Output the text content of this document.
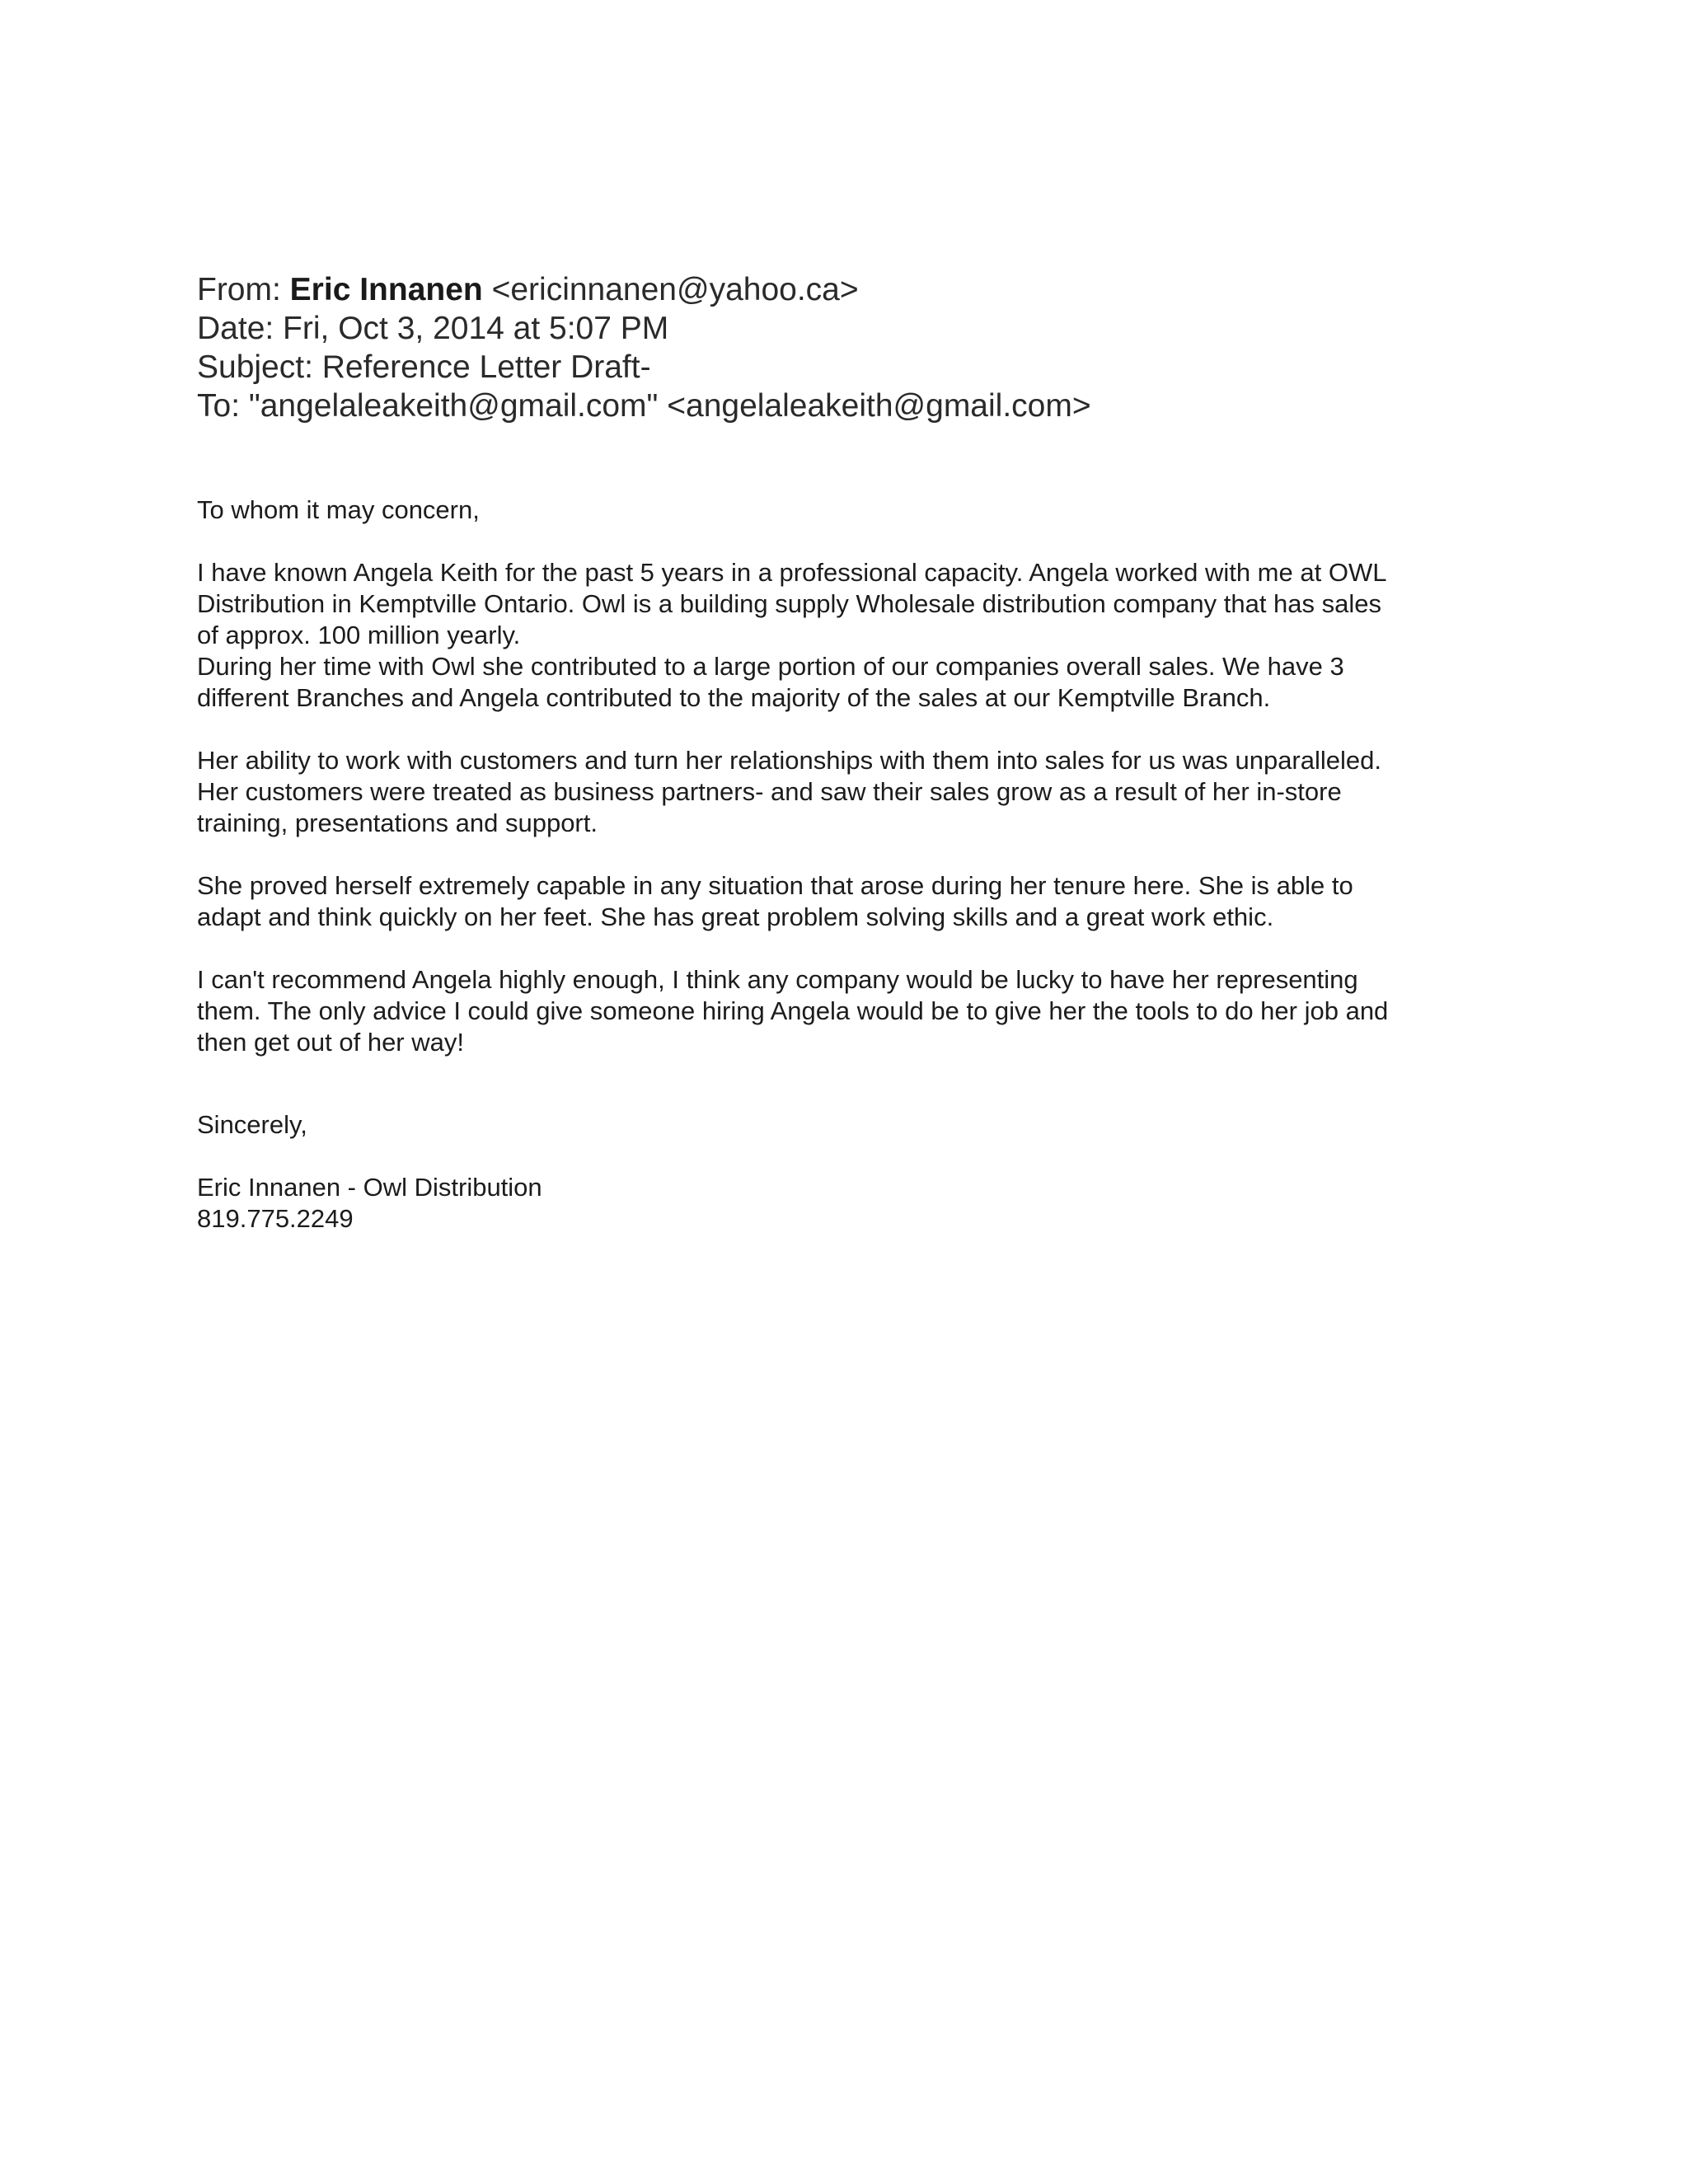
From: Eric Innanen <ericinnanen@yahoo.ca>
Date: Fri, Oct 3, 2014 at 5:07 PM
Subject: Reference Letter Draft-
To: "angelaleakeith@gmail.com" <angelaleakeith@gmail.com>

To whom it may concern,

I have known Angela Keith for the past 5 years in a professional capacity. Angela worked with me at OWL
Distribution in Kemptville Ontario. Owl is a building supply Wholesale distribution company that has sales
of approx. 100 million yearly.
During her time with Owl she contributed to a large portion of our companies overall sales. We have 3
different Branches and Angela contributed to the majority of the sales at our Kemptville Branch.

Her ability to work with customers and turn her relationships with them into sales for us was unparalleled.
Her customers were treated as business partners- and saw their sales grow as a result of her in-store
training, presentations and support.

She proved herself extremely capable in any situation that arose during her tenure here. She is able to
adapt and think quickly on her feet. She has great problem solving skills and a great work ethic.

I can't recommend Angela highly enough, I think any company would be lucky to have her representing
them. The only advice I could give someone hiring Angela would be to give her the tools to do her job and
then get out of her way!

Sincerely,

Eric Innanen - Owl Distribution

819.775.2249
